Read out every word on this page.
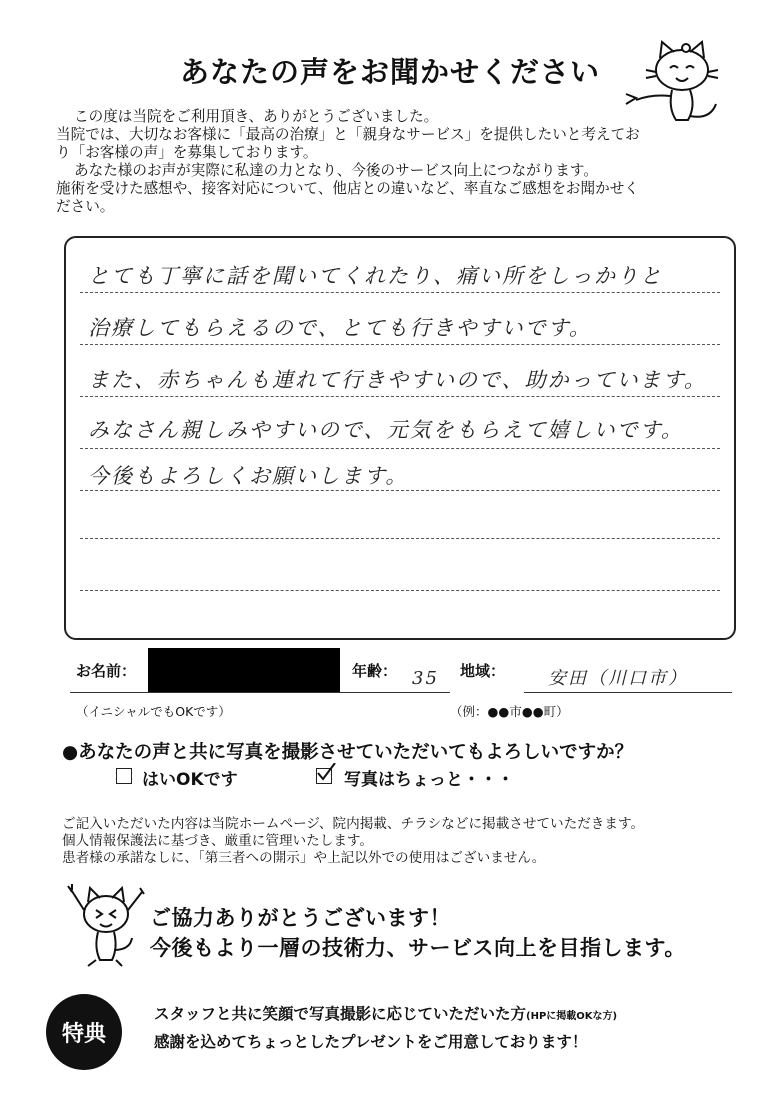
あなたの声をお聞かせください

この度は当院をご利用頂き、ありがとうございました。

当院では、大切なお客様に「最高の治療」と「親身なサービス」を提供したいと考えてお

り「お客様の声」を募集しております。

あなた様のお声が実際に私達の力となり、今後のサービス向上につながります。

施術を受けた感想や、接客対応について、他店との違いなど、率直なご感想をお聞かせく

ださい。

とても丁寧に話を聞いてくれたり、痛い所をしっかりと
治療してもらえるので、とても行きやすいです。
また、赤ちゃんも連れて行きやすいので、助かっています。
みなさん親しみやすいので、元気をもらえて嬉しいです。
今後もよろしくお願いします。
お名前：	年齢： 35 地域： 安田（川口市）
（イニシャルでもOKです）	（例：●●市●●町）
●あなたの声と共に写真を撮影させていただいてもよろしいですか？
はいOKです	写真はちょっと・・・

ご記入いただいた内容は当院ホームページ、院内掲載、チラシなどに掲載させていただきます。

個人情報保護法に基づき、厳重に管理いたします。

患者様の承諾なしに、「第三者への開示」や上記以外での使用はございません。

ご協力ありがとうございます！
今後もより一層の技術力、サービス向上を目指します。
特典
スタッフと共に笑顔で写真撮影に応じていただいた方(HPに掲載OKな方)
感謝を込めてちょっとしたプレゼントをご用意しております！
